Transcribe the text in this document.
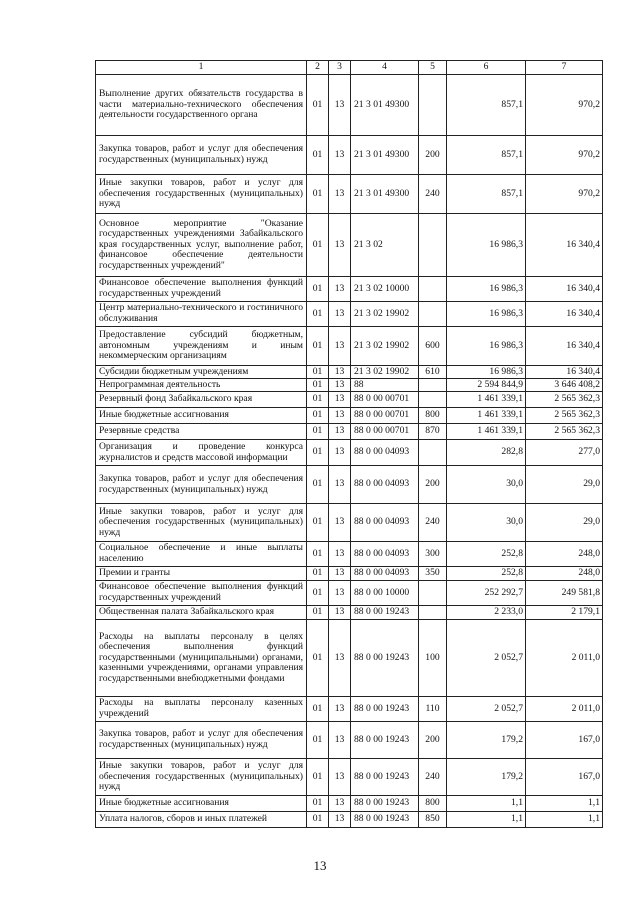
1	2	3	4	5	6	7
Выполнение других обязательств государства в части материально-технического обеспечения деятельности государственного органа	01	13	21 3 01 49300		857,1	970,2
Закупка товаров, работ и услуг для обеспечения государственных (муниципальных) нужд	01	13	21 3 01 49300	200	857,1	970,2
Иные закупки товаров, работ и услуг для обеспечения государственных (муниципальных) нужд	01	13	21 3 01 49300	240	857,1	970,2
Основное мероприятие "Оказание государственных учреждениями Забайкальского края государственных услуг, выполнение работ, финансовое обеспечение деятельности государственных учреждений"	01	13	21 3 02		16 986,3	16 340,4
Финансовое обеспечение выполнения функций государственных учреждений	01	13	21 3 02 10000		16 986,3	16 340,4
Центр материально-технического и гостиничного обслуживания	01	13	21 3 02 19902		16 986,3	16 340,4
Предоставление субсидий бюджетным, автономным учреждениям и иным некоммерческим организациям	01	13	21 3 02 19902	600	16 986,3	16 340,4
Субсидии бюджетным учреждениям	01	13	21 3 02 19902	610	16 986,3	16 340,4
Непрограммная деятельность	01	13	88		2 594 844,9	3 646 408,2
Резервный фонд Забайкальского края	01	13	88 0 00 00701		1 461 339,1	2 565 362,3
Иные бюджетные ассигнования	01	13	88 0 00 00701	800	1 461 339,1	2 565 362,3
Резервные средства	01	13	88 0 00 00701	870	1 461 339,1	2 565 362,3
Организация и проведение конкурса журналистов и средств массовой информации	01	13	88 0 00 04093		282,8	277,0
Закупка товаров, работ и услуг для обеспечения государственных (муниципальных) нужд	01	13	88 0 00 04093	200	30,0	29,0
Иные закупки товаров, работ и услуг для обеспечения государственных (муниципальных) нужд	01	13	88 0 00 04093	240	30,0	29,0
Социальное обеспечение и иные выплаты населению	01	13	88 0 00 04093	300	252,8	248,0
Премии и гранты	01	13	88 0 00 04093	350	252,8	248,0
Финансовое обеспечение выполнения функций государственных учреждений	01	13	88 0 00 10000		252 292,7	249 581,8
Общественная палата Забайкальского края	01	13	88 0 00 19243		2 233,0	2 179,1
Расходы на выплаты персоналу в целях обеспечения выполнения функций государственными (муниципальными) органами, казенными учреждениями, органами управления государственными внебюджетными фондами	01	13	88 0 00 19243	100	2 052,7	2 011,0
Расходы на выплаты персоналу казенных учреждений	01	13	88 0 00 19243	110	2 052,7	2 011,0
Закупка товаров, работ и услуг для обеспечения государственных (муниципальных) нужд	01	13	88 0 00 19243	200	179,2	167,0
Иные закупки товаров, работ и услуг для обеспечения государственных (муниципальных) нужд	01	13	88 0 00 19243	240	179,2	167,0
Иные бюджетные ассигнования	01	13	88 0 00 19243	800	1,1	1,1
Уплата налогов, сборов и иных платежей	01	13	88 0 00 19243	850	1,1	1,1
13
